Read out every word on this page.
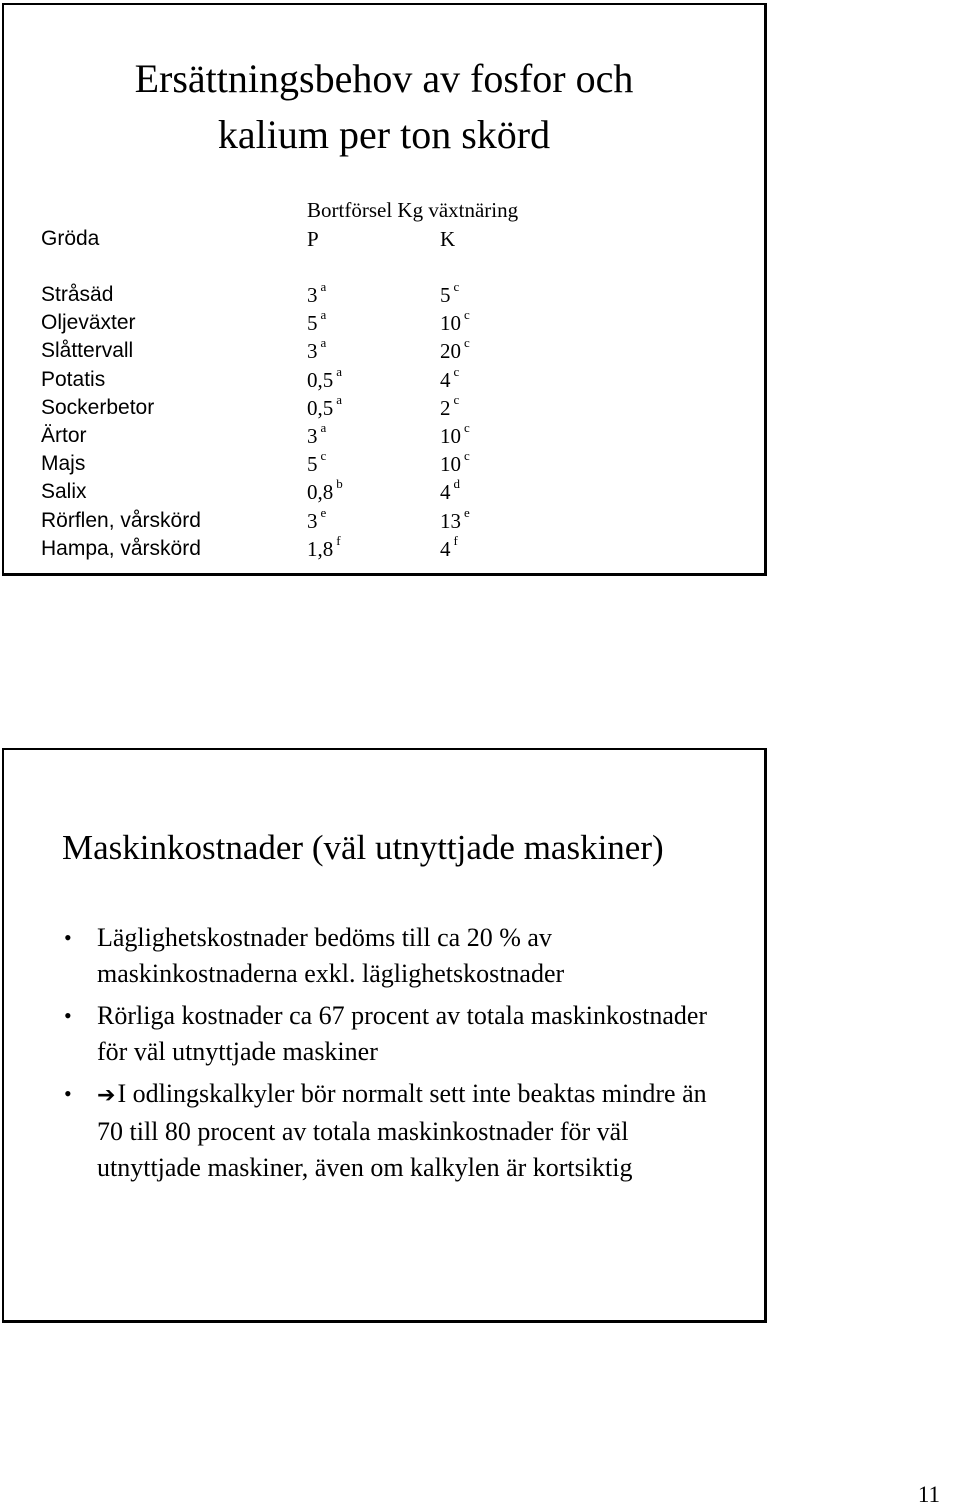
Ersättningsbehov av fosfor och
kalium per ton skörd
Bortförsel Kg växtnäring
Gröda	P	K
Stråsäd	3 $^a$	5 $^c$
Oljeväxter	5 $^a$	10 $^c$
Slåttervall	3 $^a$	20 $^c$
Potatis	0,5 $^a$	4 $^c$
Sockerbetor	0,5 $^a$	2 $^c$
Ärtor	3 $^a$	10 $^c$
Majs	5 $^c$	10 $^c$
Salix	0,8 $^b$	4 $^d$
Rörflen, vårskörd	3 $^e$	13 $^e$
Hampa, vårskörd	1,8 $^f$	4 $^f$
Maskinkostnader (väl utnyttjade maskiner)
• Läglighetskostnader bedöms till ca 20 % av maskinkostnaderna exkl. läglighetskostnader
• Rörliga kostnader ca 67 procent av totala maskinkostnader för väl utnyttjade maskiner
• ➔I odlingskalkyler bör normalt sett inte beaktas mindre än 70 till 80 procent av totala maskinkostnader för väl utnyttjade maskiner, även om kalkylen är kortsiktig
11
